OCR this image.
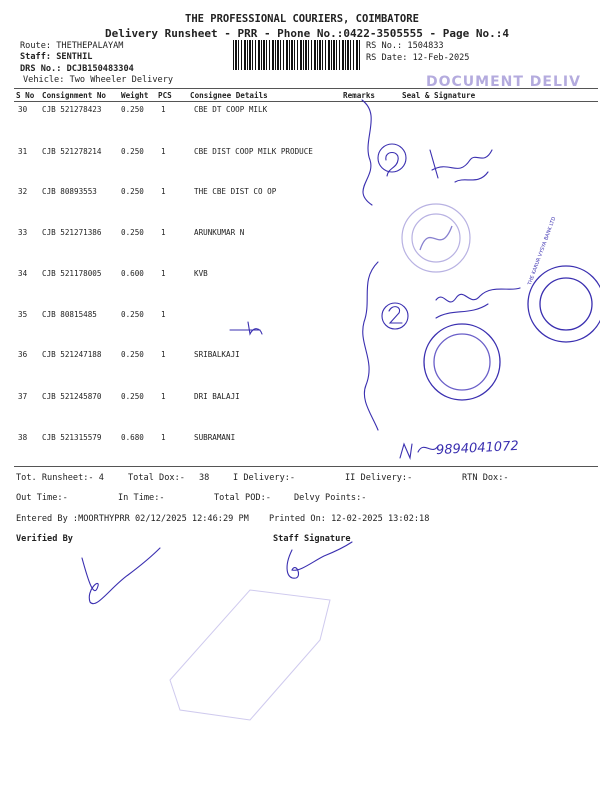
THE PROFESSIONAL COURIERS, COIMBATORE
Delivery Runsheet - PRR - Phone No.:0422-3505555 - Page No.:4
Route: THETHEPALAYAM
Staff: SENTHIL
DRS No.: DCJB150483304
Vehicle: Two Wheeler Delivery
RS No.: 1504833
RS Date: 12-Feb-2025
DOCUMENT DELIV
S No Consignment No Weight PCS Consignee Details	Remarks	Seal & Signature
30 CJB 521278423	0.250 1	CBE DT COOP MILK
31 CJB 521278214	0.250 1	CBE DIST COOP MILK PRODUCE
32 CJB 80893553	0.250 1	THE CBE DIST CO OP
33 CJB 521271386	0.250 1	ARUNKUMAR N
34 CJB 521178005	0.600 1	KVB
35 CJB 80815485	0.250 1
36 CJB 521247188	0.250 1	SRIBALKAJI
37 CJB 521245870	0.250 1	DRI BALAJI
38 CJB 521315579	0.680 1	SUBRAMANI
9894041072
THE KARUR VYSYA BANK LTD
Tot. Runsheet:- 4	Total Dox:- 38	I Delivery:-	II Delivery:-	RTN Dox:-
Out Time:-	In Time:-	Total POD:-	Delvy Points:-
Entered By :MOORTHYPRR 02/12/2025 12:46:29 PM Printed On: 12-02-2025 13:02:18
Verified By	Staff Signature
